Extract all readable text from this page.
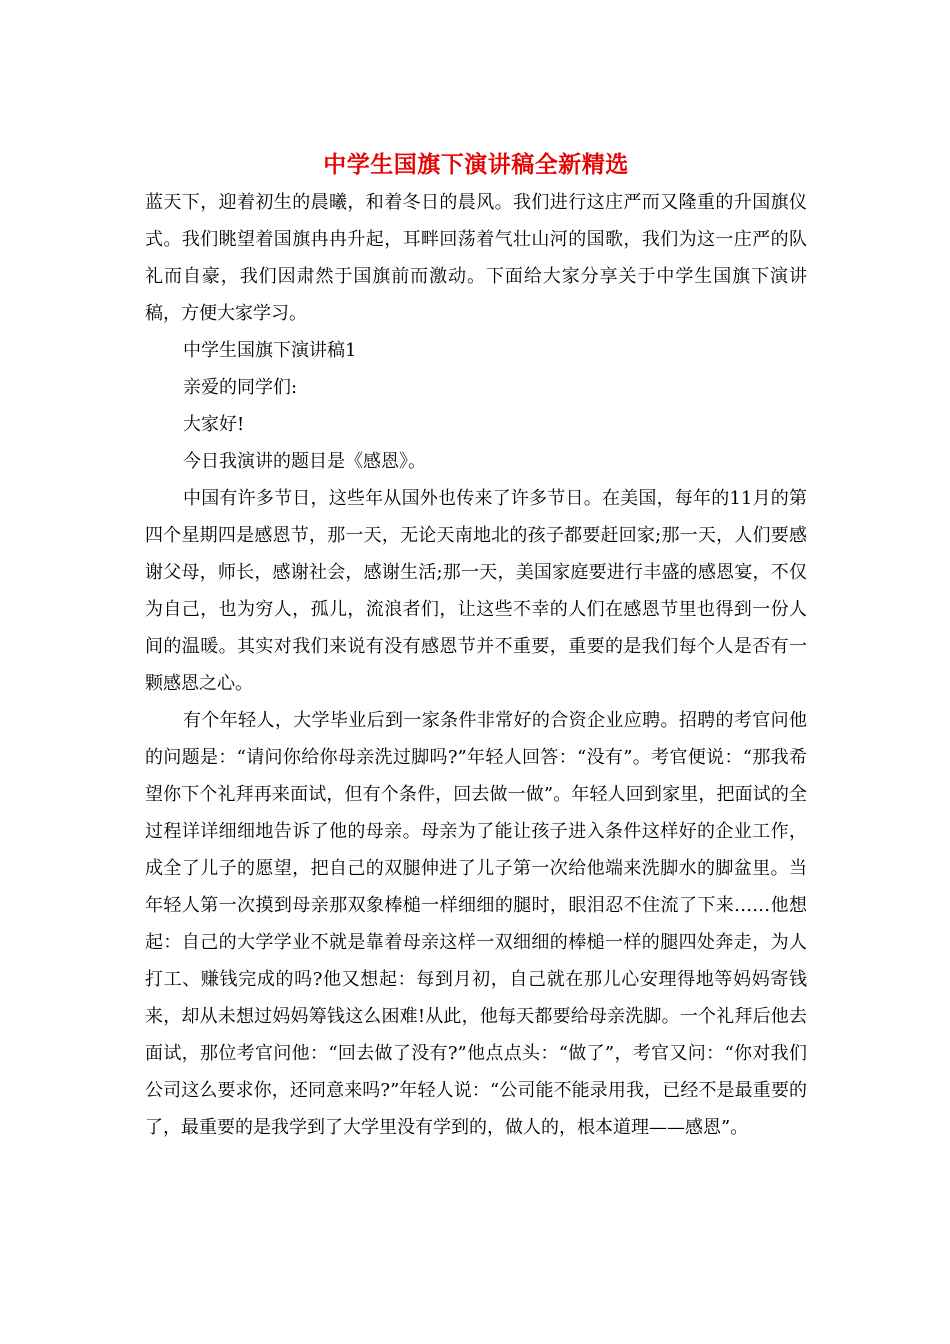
中学生国旗下演讲稿全新精选

蓝天下，迎着初生的晨曦，和着冬日的晨风。我们进行这庄严而又隆重的升国旗仪式。我们眺望着国旗冉冉升起，耳畔回荡着气壮山河的国歌，我们为这一庄严的队礼而自豪，我们因肃然于国旗前而激动。下面给大家分享关于中学生国旗下演讲稿，方便大家学习。

中学生国旗下演讲稿1

亲爱的同学们:

大家好!

今日我演讲的题目是《感恩》。

中国有许多节日，这些年从国外也传来了许多节日。在美国，每年的11月的第四个星期四是感恩节，那一天，无论天南地北的孩子都要赶回家;那一天，人们要感谢父母，师长，感谢社会，感谢生活;那一天，美国家庭要进行丰盛的感恩宴，不仅为自己，也为穷人，孤儿，流浪者们，让这些不幸的人们在感恩节里也得到一份人间的温暖。其实对我们来说有没有感恩节并不重要，重要的是我们每个人是否有一颗感恩之心。

有个年轻人，大学毕业后到一家条件非常好的合资企业应聘。招聘的考官问他的问题是：“请问你给你母亲洗过脚吗?”年轻人回答：“没有”。考官便说：“那我希望你下个礼拜再来面试，但有个条件，回去做一做”。年轻人回到家里，把面试的全过程详详细细地告诉了他的母亲。母亲为了能让孩子进入条件这样好的企业工作，成全了儿子的愿望，把自己的双腿伸进了儿子第一次给他端来洗脚水的脚盆里。当年轻人第一次摸到母亲那双象棒槌一样细细的腿时，眼泪忍不住流了下来……他想起：自己的大学学业不就是靠着母亲这样一双细细的棒槌一样的腿四处奔走，为人打工、赚钱完成的吗?他又想起：每到月初，自己就在那儿心安理得地等妈妈寄钱来，却从未想过妈妈筹钱这么困难!从此，他每天都要给母亲洗脚。一个礼拜后他去面试，那位考官问他：“回去做了没有?”他点点头：“做了”，考官又问：“你对我们公司这么要求你，还同意来吗?”年轻人说：“公司能不能录用我，已经不是最重要的了，最重要的是我学到了大学里没有学到的，做人的，根本道理——感恩”。
